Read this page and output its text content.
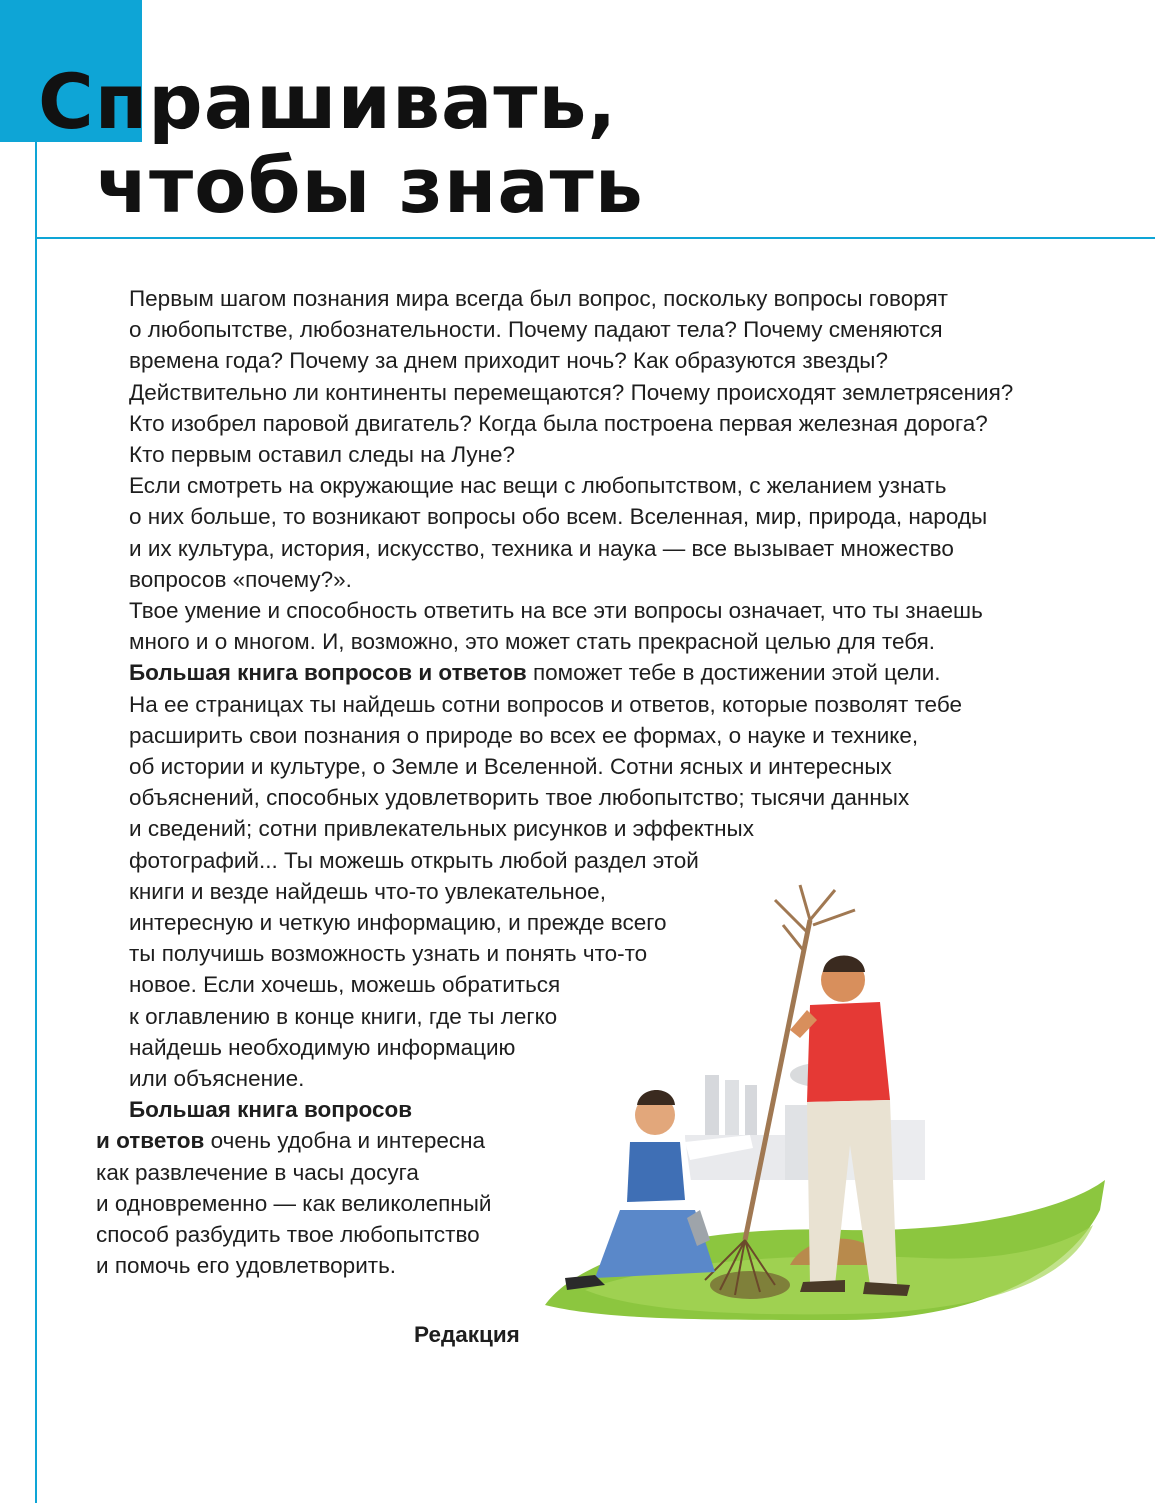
Спрашивать,
чтобы знать

Первым шагом познания мира всегда был вопрос, поскольку вопросы говорят
о любопытстве, любознательности. Почему падают тела? Почему сменяются
времена года? Почему за днем приходит ночь? Как образуются звезды?
Действительно ли континенты перемещаются? Почему происходят землетрясения?
Кто изобрел паровой двигатель? Когда была построена первая железная дорога?
Кто первым оставил следы на Луне?

Если смотреть на окружающие нас вещи с любопытством, с желанием узнать
о них больше, то возникают вопросы обо всем. Вселенная, мир, природа, народы
и их культура, история, искусство, техника и наука — все вызывает множество
вопросов «почему?».

Твое умение и способность ответить на все эти вопросы означает, что ты знаешь
много и о многом. И, возможно, это может стать прекрасной целью для тебя.
Большая книга вопросов и ответов поможет тебе в достижении этой цели.

На ее страницах ты найдешь сотни вопросов и ответов, которые позволят тебе
расширить свои познания о природе во всех ее формах, о науке и технике,
об истории и культуре, о Земле и Вселенной. Сотни ясных и интересных
объяснений, способных удовлетворить твое любопытство; тысячи данных
и сведений; сотни привлекательных рисунков и эффектных
фотографий... Ты можешь открыть любой раздел этой
книги и везде найдешь что-то увлекательное,
интересную и четкую информацию, и прежде всего
ты получишь возможность узнать и понять что-то
новое. Если хочешь, можешь обратиться
к оглавлению в конце книги, где ты легко
найдешь необходимую информацию
или объяснение.

Большая книга вопросов
и ответов очень удобна и интересна
как развлечение в часы досуга
и одновременно — как великолепный
способ разбудить твое любопытство
и помочь его удовлетворить.

Редакция
